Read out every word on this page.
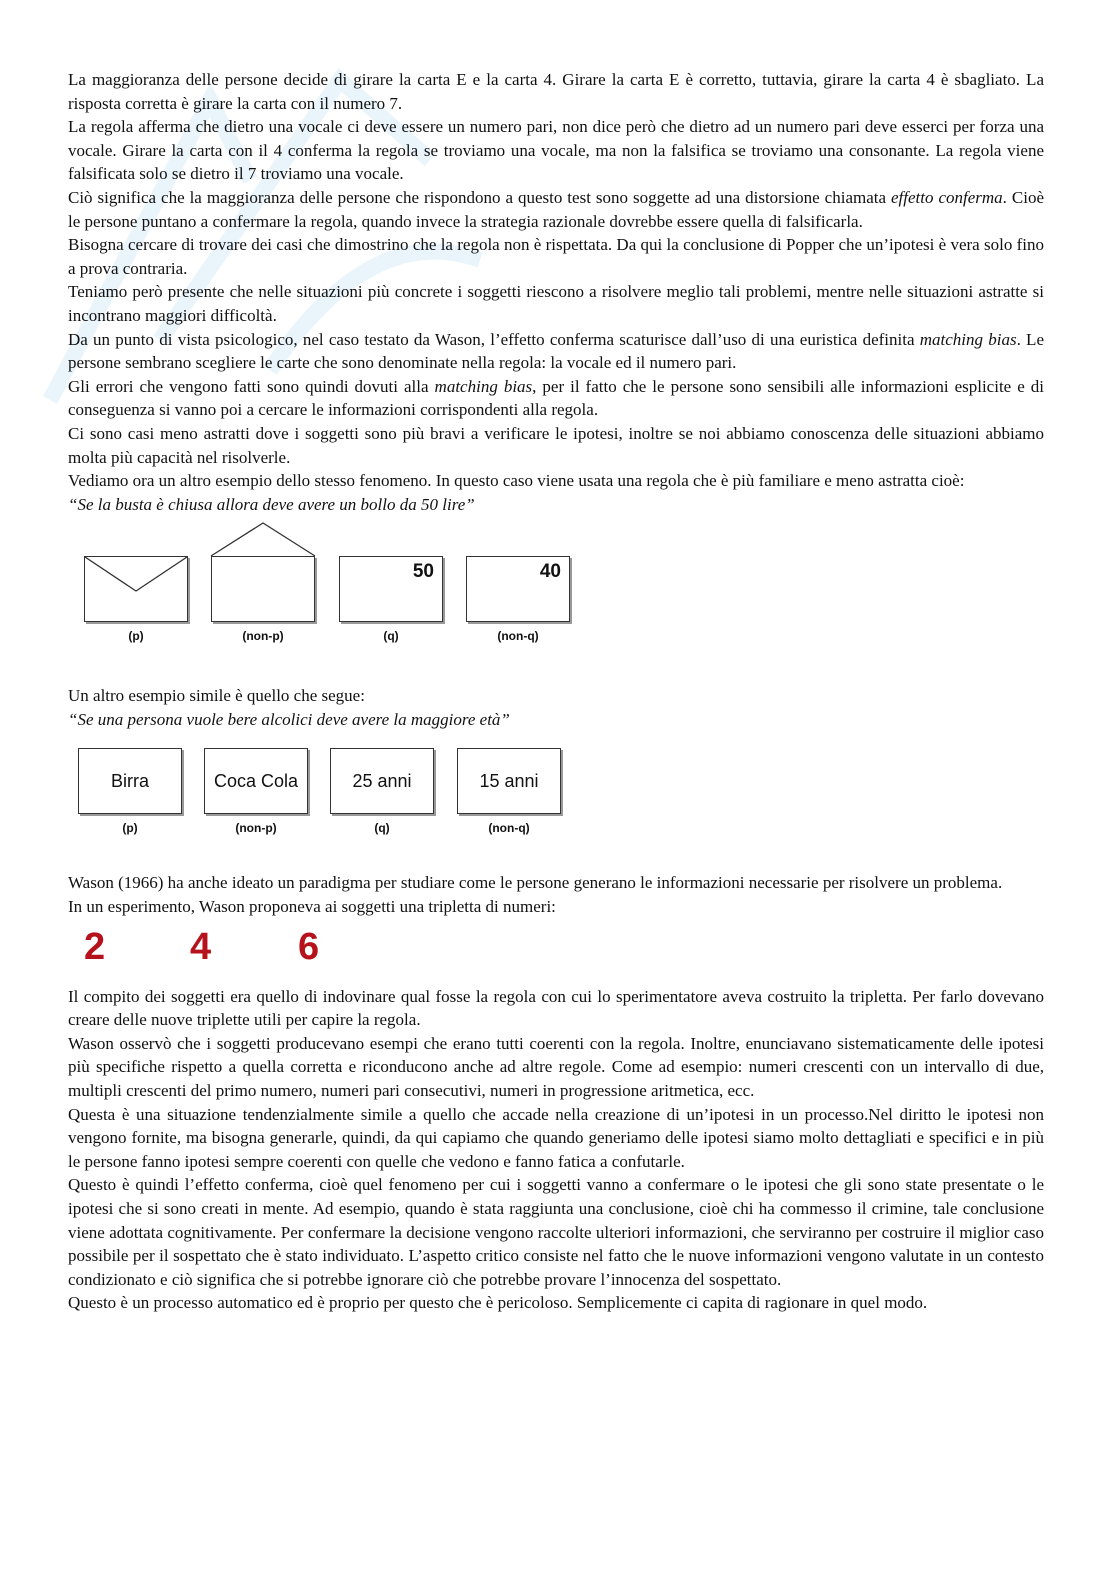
La maggioranza delle persone decide di girare la carta E e la carta 4. Girare la carta E è corretto, tuttavia, girare la carta 4 è sbagliato. La risposta corretta è girare la carta con il numero 7.

La regola afferma che dietro una vocale ci deve essere un numero pari, non dice però che dietro ad un numero pari deve esserci per forza una vocale. Girare la carta con il 4 conferma la regola se troviamo una vocale, ma non la falsifica se troviamo una consonante. La regola viene falsificata solo se dietro il 7 troviamo una vocale.

Ciò significa che la maggioranza delle persone che rispondono a questo test sono soggette ad una distorsione chiamata effetto conferma. Cioè le persone puntano a confermare la regola, quando invece la strategia razionale dovrebbe essere quella di falsificarla.

Bisogna cercare di trovare dei casi che dimostrino che la regola non è rispettata. Da qui la conclusione di Popper che un’ipotesi è vera solo fino a prova contraria.

Teniamo però presente che nelle situazioni più concrete i soggetti riescono a risolvere meglio tali problemi, mentre nelle situazioni astratte si incontrano maggiori difficoltà.

Da un punto di vista psicologico, nel caso testato da Wason, l’effetto conferma scaturisce dall’uso di una euristica definita matching bias. Le persone sembrano scegliere le carte che sono denominate nella regola: la vocale ed il numero pari.

Gli errori che vengono fatti sono quindi dovuti alla matching bias, per il fatto che le persone sono sensibili alle informazioni esplicite e di conseguenza si vanno poi a cercare le informazioni corrispondenti alla regola.

Ci sono casi meno astratti dove i soggetti sono più bravi a verificare le ipotesi, inoltre se noi abbiamo conoscenza delle situazioni abbiamo molta più capacità nel risolverle.

Vediamo ora un altro esempio dello stesso fenomeno. In questo caso viene usata una regola che è più familiare e meno astratta cioè:

“Se la busta è chiusa allora deve avere un bollo da 50 lire”

50	40
(p)	(non-p)	(q)	(non-q)

Un altro esempio simile è quello che segue:

“Se una persona vuole bere alcolici deve avere la maggiore età”

Birra	Coca Cola	25 anni	15 anni
(p)	(non-p)	(q)	(non-q)

Wason (1966) ha anche ideato un paradigma per studiare come le persone generano le informazioni necessarie per risolvere un problema.

In un esperimento, Wason proponeva ai soggetti una tripletta di numeri:

2 4 6

Il compito dei soggetti era quello di indovinare qual fosse la regola con cui lo sperimentatore aveva costruito la tripletta. Per farlo dovevano creare delle nuove triplette utili per capire la regola.

Wason osservò che i soggetti producevano esempi che erano tutti coerenti con la regola. Inoltre, enunciavano sistematicamente delle ipotesi più specifiche rispetto a quella corretta e riconducono anche ad altre regole. Come ad esempio: numeri crescenti con un intervallo di due, multipli crescenti del primo numero, numeri pari consecutivi, numeri in progressione aritmetica, ecc.

Questa è una situazione tendenzialmente simile a quello che accade nella creazione di un’ipotesi in un processo.Nel diritto le ipotesi non vengono fornite, ma bisogna generarle, quindi, da qui capiamo che quando generiamo delle ipotesi siamo molto dettagliati e specifici e in più le persone fanno ipotesi sempre coerenti con quelle che vedono e fanno fatica a confutarle.

Questo è quindi l’effetto conferma, cioè quel fenomeno per cui i soggetti vanno a confermare o le ipotesi che gli sono state presentate o le ipotesi che si sono creati in mente. Ad esempio, quando è stata raggiunta una conclusione, cioè chi ha commesso il crimine, tale conclusione viene adottata cognitivamente. Per confermare la decisione vengono raccolte ulteriori informazioni, che serviranno per costruire il miglior caso possibile per il sospettato che è stato individuato. L’aspetto critico consiste nel fatto che le nuove informazioni vengono valutate in un contesto condizionato e ciò significa che si potrebbe ignorare ciò che potrebbe provare l’innocenza del sospettato.

Questo è un processo automatico ed è proprio per questo che è pericoloso. Semplicemente ci capita di ragionare in quel modo.
